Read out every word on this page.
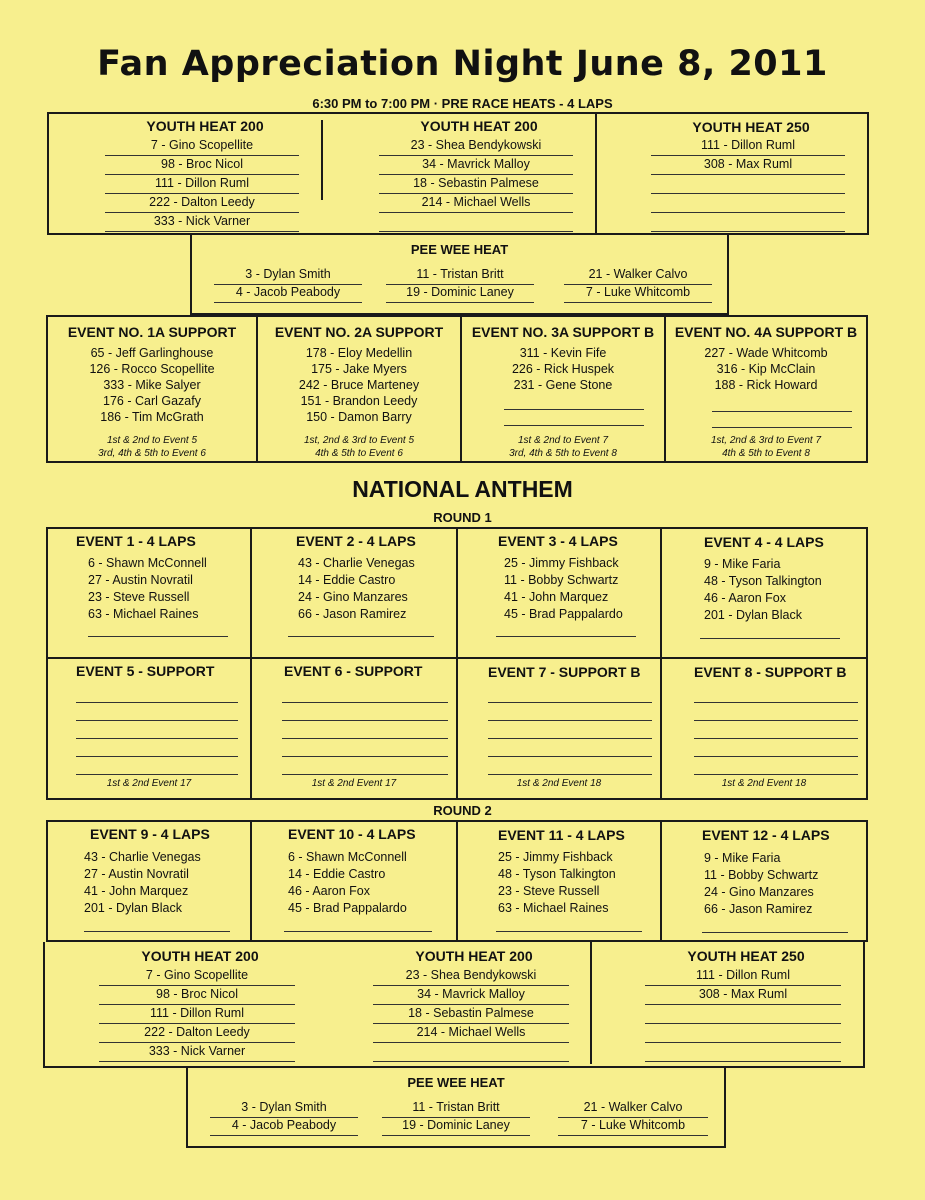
Fan Appreciation Night June 8, 2011
6:30 PM to 7:00 PM · PRE RACE HEATS - 4 LAPS
YOUTH HEAT 200
7 - Gino Scopellite
98 - Broc Nicol
111 - Dillon Ruml
222 - Dalton Leedy
333 - Nick Varner
YOUTH HEAT 200
23 - Shea Bendykowski
34 - Mavrick Malloy
18 - Sebastin Palmese
214 - Michael Wells
YOUTH HEAT 250
111 - Dillon Ruml
308 - Max Ruml
PEE WEE HEAT
3 - Dylan Smith
4 - Jacob Peabody
11 - Tristan Britt
19 - Dominic Laney
21 - Walker Calvo
7 - Luke Whitcomb
EVENT NO. 1A SUPPORT
65 - Jeff Garlinghouse
126 - Rocco Scopellite
333 - Mike Salyer
176 - Carl Gazafy
186 - Tim McGrath
1st & 2nd to Event 5
3rd, 4th & 5th to Event 6
EVENT NO. 2A SUPPORT
178 - Eloy Medellin
175 - Jake Myers
242 - Bruce Marteney
151 - Brandon Leedy
150 - Damon Barry
1st, 2nd & 3rd to Event 5
4th & 5th to Event 6
EVENT NO. 3A SUPPORT B
311 - Kevin Fife
226 - Rick Huspek
231 - Gene Stone
1st & 2nd to Event 7
3rd, 4th & 5th to Event 8
EVENT NO. 4A SUPPORT B
227 - Wade Whitcomb
316 - Kip McClain
188 - Rick Howard
1st, 2nd & 3rd to Event 7
4th & 5th to Event 8
NATIONAL ANTHEM
ROUND 1
EVENT 1 - 4 LAPS
6 - Shawn McConnell
27 - Austin Novratil
23 - Steve Russell
63 - Michael Raines
EVENT 2 - 4 LAPS
43 - Charlie Venegas
14 - Eddie Castro
24 - Gino Manzares
66 - Jason Ramirez
EVENT 3 - 4 LAPS
25 - Jimmy Fishback
11 - Bobby Schwartz
41 - John Marquez
45 - Brad Pappalardo
EVENT 4 - 4 LAPS
9 - Mike Faria
48 - Tyson Talkington
46 - Aaron Fox
201 - Dylan Black
EVENT 5 - SUPPORT
1st & 2nd Event 17
EVENT 6 - SUPPORT
1st & 2nd Event 17
EVENT 7 - SUPPORT B
1st & 2nd Event 18
EVENT 8 - SUPPORT B
1st & 2nd Event 18
ROUND 2
EVENT 9 - 4 LAPS
43 - Charlie Venegas
27 - Austin Novratil
41 - John Marquez
201 - Dylan Black
EVENT 10 - 4 LAPS
6 - Shawn McConnell
14 - Eddie Castro
46 - Aaron Fox
45 - Brad Pappalardo
EVENT 11 - 4 LAPS
25 - Jimmy Fishback
48 - Tyson Talkington
23 - Steve Russell
63 - Michael Raines
EVENT 12 - 4 LAPS
9 - Mike Faria
11 - Bobby Schwartz
24 - Gino Manzares
66 - Jason Ramirez
YOUTH HEAT 200
7 - Gino Scopellite
98 - Broc Nicol
111 - Dillon Ruml
222 - Dalton Leedy
333 - Nick Varner
YOUTH HEAT 200
23 - Shea Bendykowski
34 - Mavrick Malloy
18 - Sebastin Palmese
214 - Michael Wells
YOUTH HEAT 250
111 - Dillon Ruml
308 - Max Ruml
PEE WEE HEAT
3 - Dylan Smith
4 - Jacob Peabody
11 - Tristan Britt
19 - Dominic Laney
21 - Walker Calvo
7 - Luke Whitcomb
